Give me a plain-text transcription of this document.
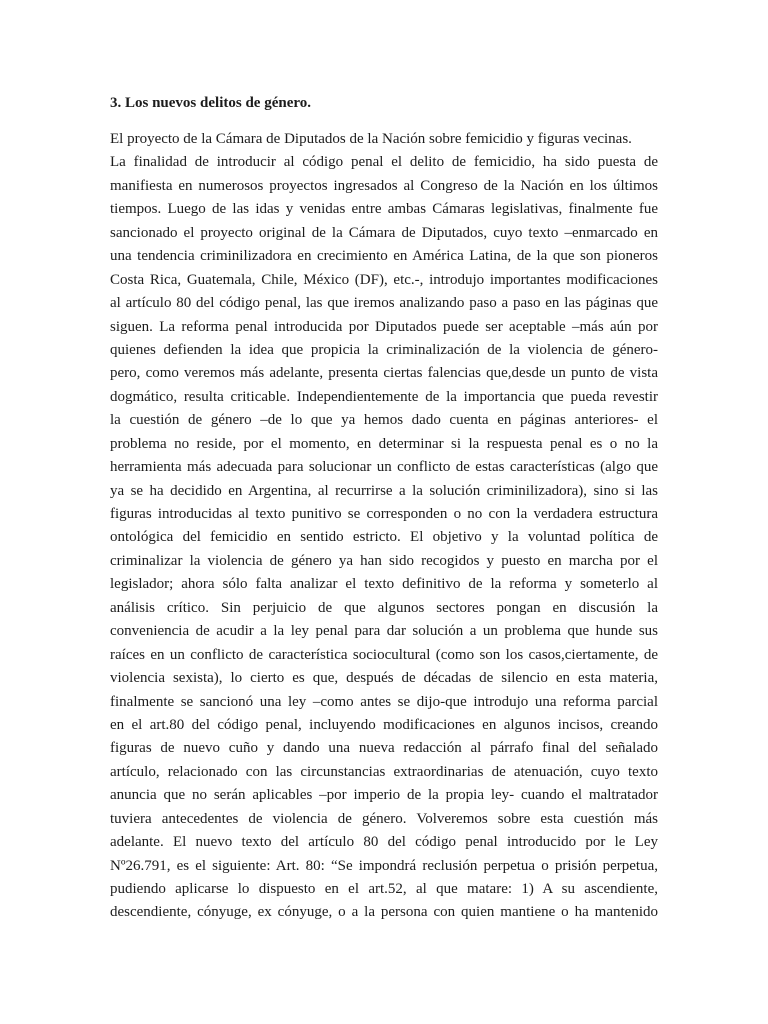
3. Los nuevos delitos de género.
El proyecto de la Cámara de Diputados de la Nación sobre femicidio y figuras vecinas.
La finalidad de introducir al código penal el delito de femicidio, ha sido puesta de
manifiesta en numerosos proyectos ingresados al Congreso de la Nación en los últimos
tiempos. Luego de las idas y venidas entre ambas Cámaras legislativas, finalmente fue
sancionado el proyecto original de la Cámara de Diputados, cuyo texto –enmarcado en
una tendencia criminilizadora en crecimiento en América Latina, de la que son pioneros
Costa Rica, Guatemala, Chile, México (DF), etc.-, introdujo importantes modificaciones
al artículo 80 del código penal, las que iremos analizando paso a paso en las páginas que
siguen. La reforma penal introducida por Diputados puede ser aceptable –más aún por
quienes defienden la idea que propicia la criminalización de la violencia de género-
pero, como veremos más adelante, presenta ciertas falencias que,desde un punto de vista
dogmático, resulta criticable. Independientemente de la importancia que pueda revestir
la cuestión de género –de lo que ya hemos dado cuenta en páginas anteriores- el
problema no reside, por el momento, en determinar si la respuesta penal es o no la
herramienta más adecuada para solucionar un conflicto de estas características (algo que
ya se ha decidido en Argentina, al recurrirse a la solución criminilizadora), sino si las
figuras introducidas al texto punitivo se corresponden o no con la verdadera estructura
ontológica del femicidio en sentido estricto. El objetivo y la voluntad política de
criminalizar la violencia de género ya han sido recogidos y puesto en marcha por el
legislador; ahora sólo falta analizar el texto definitivo de la reforma y someterlo al
análisis crítico. Sin perjuicio de que algunos sectores pongan en discusión la
conveniencia de acudir a la ley penal para dar solución a un problema que hunde sus
raíces en un conflicto de característica sociocultural (como son los casos,ciertamente, de
violencia sexista), lo cierto es que, después de décadas de silencio en esta materia,
finalmente se sancionó una ley –como antes se dijo-que introdujo una reforma parcial
en el art.80 del código penal, incluyendo modificaciones en algunos incisos, creando
figuras de nuevo cuño y dando una nueva redacción al párrafo final del señalado
artículo, relacionado con las circunstancias extraordinarias de atenuación, cuyo texto
anuncia que no serán aplicables –por imperio de la propia ley- cuando el maltratador
tuviera antecedentes de violencia de género. Volveremos sobre esta cuestión más
adelante. El nuevo texto del artículo 80 del código penal introducido por le Ley
Nº26.791, es el siguiente: Art. 80: “Se impondrá reclusión perpetua o prisión perpetua,
pudiendo aplicarse lo dispuesto en el art.52, al que matare: 1) A su ascendiente,
descendiente, cónyuge, ex cónyuge, o a la persona con quien mantiene o ha mantenido
